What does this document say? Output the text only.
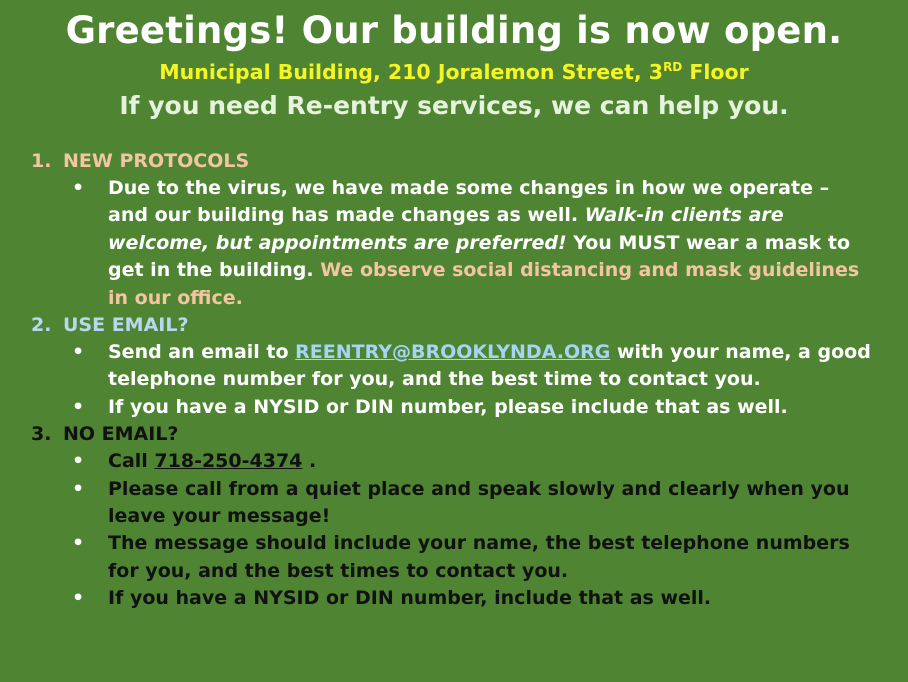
Greetings! Our building is now open.
Municipal Building, 210 Joralemon Street, 3RD Floor
If you need Re-entry services, we can help you.
1. NEW PROTOCOLS
• Due to the virus, we have made some changes in how we operate – and our building has made changes as well. Walk-in clients are welcome, but appointments are preferred! You MUST wear a mask to get in the building. We observe social distancing and mask guidelines in our office.
2. USE EMAIL?
• Send an email to REENTRY@BROOKLYNDA.ORG with your name, a good telephone number for you, and the best time to contact you.
• If you have a NYSID or DIN number, please include that as well.
3. NO EMAIL?
• Call 718-250-4374 .
• Please call from a quiet place and speak slowly and clearly when you leave your message!
• The message should include your name, the best telephone numbers for you, and the best times to contact you.
• If you have a NYSID or DIN number, include that as well.
